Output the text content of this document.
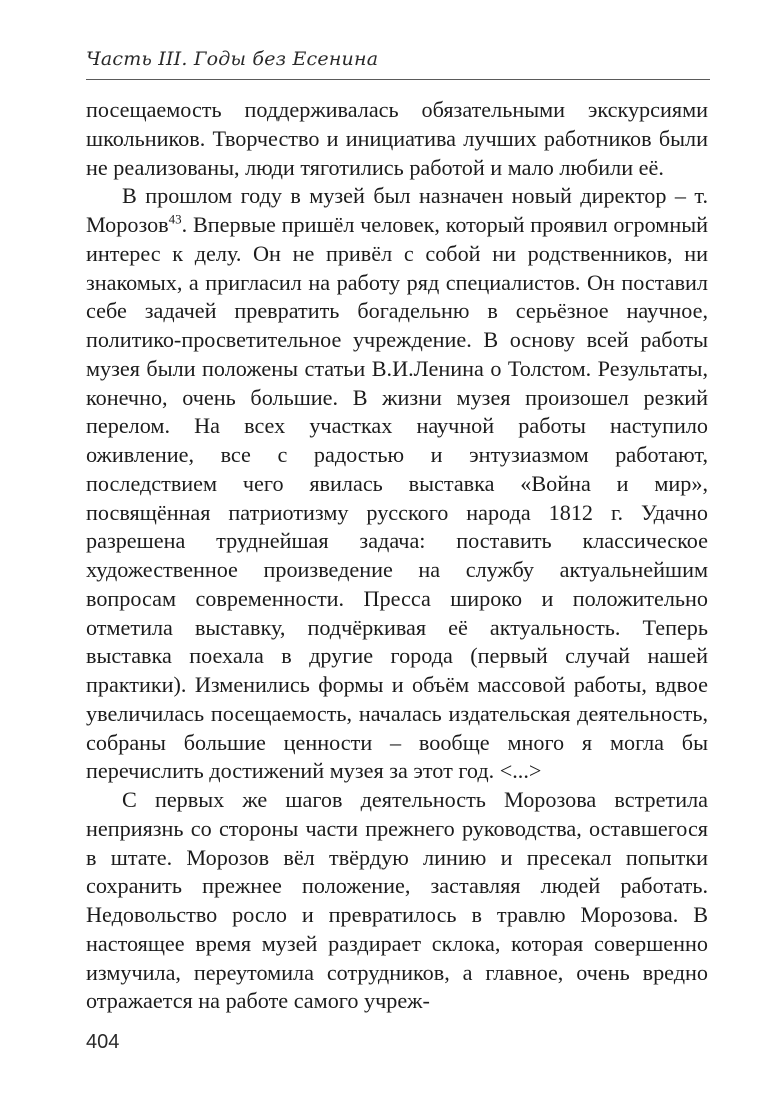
Часть III. Годы без Есенина

посещаемость поддерживалась обязательными экскурсиями школьников. Творчество и инициатива лучших работников были не реализованы, люди тяготились работой и мало любили её.

В прошлом году в музей был назначен новый директор – т. Морозов$^{43}$. Впервые пришёл человек, который проявил огромный интерес к делу. Он не привёл с собой ни родственников, ни знакомых, а пригласил на работу ряд специалистов. Он поставил себе задачей превратить богадельню в серьёзное научное, политико-просветительное учреждение. В основу всей работы музея были положены статьи В.И.Ленина о Толстом. Результаты, конечно, очень большие. В жизни музея произошел резкий перелом. На всех участках научной работы наступило оживление, все с радостью и энтузиазмом работают, последствием чего явилась выставка «Война и мир», посвящённая патриотизму русского народа 1812 г. Удачно разрешена труднейшая задача: поставить классическое художественное произведение на службу актуальнейшим вопросам современности. Пресса широко и положительно отметила выставку, подчёркивая её актуальность. Теперь выставка поехала в другие города (первый случай нашей практики). Изменились формы и объём массовой работы, вдвое увеличилась посещаемость, началась издательская деятельность, собраны большие ценности – вообще много я могла бы перечислить достижений музея за этот год. <...>

С первых же шагов деятельность Морозова встретила неприязнь со стороны части прежнего руководства, оставшегося в штате. Морозов вёл твёрдую линию и пресекал попытки сохранить прежнее положение, заставляя людей работать. Недовольство росло и превратилось в травлю Морозова. В настоящее время музей раздирает склока, которая совершенно измучила, переутомила сотрудников, а главное, очень вредно отражается на работе самого учреж-

404
